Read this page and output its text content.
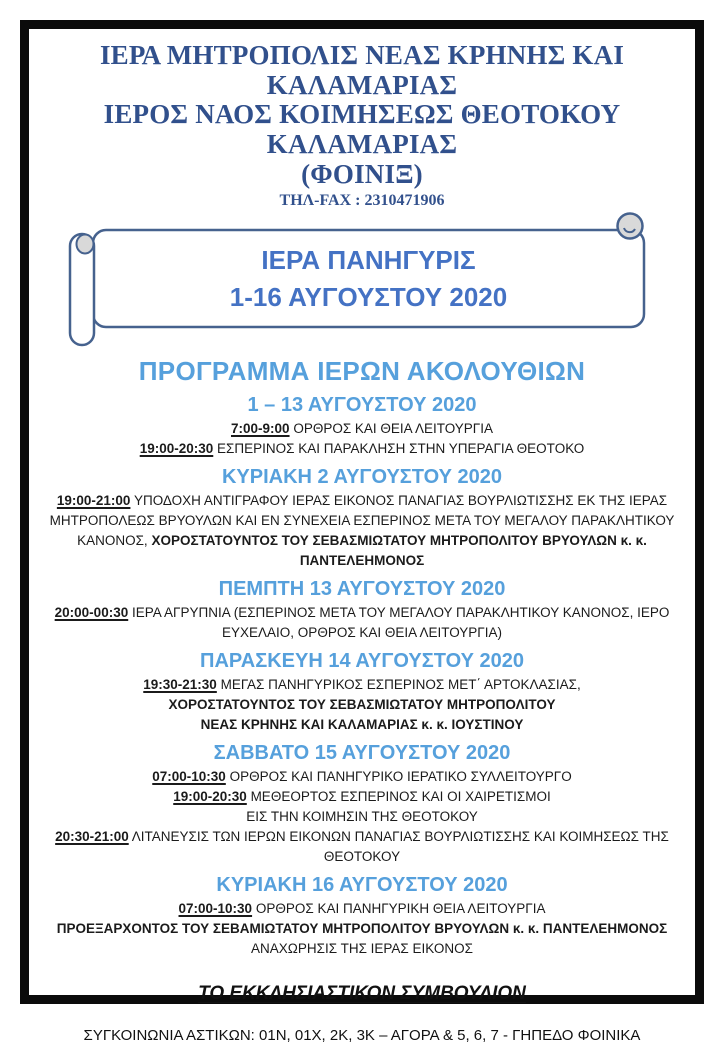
ΙΕΡΑ ΜΗΤΡΟΠΟΛΙΣ ΝΕΑΣ ΚΡΗΝΗΣ ΚΑΙ ΚΑΛΑΜΑΡΙΑΣ
ΙΕΡΟΣ ΝΑΟΣ ΚΟΙΜΗΣΕΩΣ ΘΕΟΤΟΚΟΥ ΚΑΛΑΜΑΡΙΑΣ
(ΦΟΙΝΙΞ)
ΤΗΛ-FAX : 2310471906
ΙΕΡΑ ΠΑΝΗΓΥΡΙΣ
1-16 ΑΥΓΟΥΣΤΟΥ 2020
ΠΡΟΓΡΑΜΜΑ ΙΕΡΩΝ ΑΚΟΛΟΥΘΙΩΝ
1 – 13 ΑΥΓΟΥΣΤΟΥ 2020

7:00-9:00 ΟΡΘΡΟΣ ΚΑΙ ΘΕΙΑ ΛΕΙΤΟΥΡΓΙΑ

19:00-20:30 ΕΣΠΕΡΙΝΟΣ ΚΑΙ ΠΑΡΑΚΛΗΣΗ ΣΤΗΝ ΥΠΕΡΑΓΙΑ ΘΕΟΤΟΚΟ

ΚΥΡΙΑΚΗ 2 ΑΥΓΟΥΣΤΟΥ 2020

19:00-21:00 ΥΠΟΔΟΧΗ ΑΝΤΙΓΡΑΦΟΥ ΙΕΡΑΣ ΕΙΚΟΝΟΣ ΠΑΝΑΓΙΑΣ ΒΟΥΡΛΙΩΤΙΣΣΗΣ ΕΚ ΤΗΣ ΙΕΡΑΣ ΜΗΤΡΟΠΟΛΕΩΣ ΒΡΥΟΥΛΩΝ ΚΑΙ ΕΝ ΣΥΝΕΧΕΙΑ ΕΣΠΕΡΙΝΟΣ ΜΕΤΑ ΤΟΥ ΜΕΓΑΛΟΥ ΠΑΡΑΚΛΗΤΙΚΟΥ ΚΑΝΟΝΟΣ, ΧΟΡΟΣΤΑΤΟΥΝΤΟΣ ΤΟΥ ΣΕΒΑΣΜΙΩΤΑΤΟΥ ΜΗΤΡΟΠΟΛΙΤΟΥ ΒΡΥΟΥΛΩΝ κ. κ. ΠΑΝΤΕΛΕΗΜΟΝΟΣ

ΠΕΜΠΤΗ 13 ΑΥΓΟΥΣΤΟΥ 2020

20:00-00:30 ΙΕΡΑ ΑΓΡΥΠΝΙΑ (ΕΣΠΕΡΙΝΟΣ ΜΕΤΑ ΤΟΥ ΜΕΓΑΛΟΥ ΠΑΡΑΚΛΗΤΙΚΟΥ ΚΑΝΟΝΟΣ, ΙΕΡΟ ΕΥΧΕΛΑΙΟ, ΟΡΘΡΟΣ ΚΑΙ ΘΕΙΑ ΛΕΙΤΟΥΡΓΙΑ)

ΠΑΡΑΣΚΕΥΗ 14 ΑΥΓΟΥΣΤΟΥ 2020

19:30-21:30 ΜΕΓΑΣ ΠΑΝΗΓΥΡΙΚΟΣ ΕΣΠΕΡΙΝΟΣ ΜΕΤ΄ ΑΡΤΟΚΛΑΣΙΑΣ,

ΧΟΡΟΣΤΑΤΟΥΝΤΟΣ ΤΟΥ ΣΕΒΑΣΜΙΩΤΑΤΟΥ ΜΗΤΡΟΠΟΛΙΤΟΥ

ΝΕΑΣ ΚΡΗΝΗΣ ΚΑΙ ΚΑΛΑΜΑΡΙΑΣ κ. κ. ΙΟΥΣΤΙΝΟΥ

ΣΑΒΒΑΤΟ 15 ΑΥΓΟΥΣΤΟΥ 2020

07:00-10:30 ΟΡΘΡΟΣ ΚΑΙ ΠΑΝΗΓΥΡΙΚΟ ΙΕΡΑΤΙΚΟ ΣΥΛΛΕΙΤΟΥΡΓΟ

19:00-20:30 ΜΕΘΕΟΡΤΟΣ ΕΣΠΕΡΙΝΟΣ ΚΑΙ ΟΙ ΧΑΙΡΕΤΙΣΜΟΙ

ΕΙΣ ΤΗΝ ΚΟΙΜΗΣΙΝ ΤΗΣ ΘΕΟΤΟΚΟΥ

20:30-21:00 ΛΙΤΑΝΕΥΣΙΣ ΤΩΝ ΙΕΡΩΝ ΕΙΚΟΝΩΝ ΠΑΝΑΓΙΑΣ ΒΟΥΡΛΙΩΤΙΣΣΗΣ ΚΑΙ ΚΟΙΜΗΣΕΩΣ ΤΗΣ ΘΕΟΤΟΚΟΥ

ΚΥΡΙΑΚΗ 16 ΑΥΓΟΥΣΤΟΥ 2020

07:00-10:30 ΟΡΘΡΟΣ ΚΑΙ ΠΑΝΗΓΥΡΙΚΗ ΘΕΙΑ ΛΕΙΤΟΥΡΓΙΑ

ΠΡΟΕΞΑΡΧΟΝΤΟΣ ΤΟΥ ΣΕΒΑΜΙΩΤΑΤΟΥ ΜΗΤΡΟΠΟΛΙΤΟΥ ΒΡΥΟΥΛΩΝ κ. κ. ΠΑΝΤΕΛΕΗΜΟΝΟΣ

ΑΝΑΧΩΡΗΣΙΣ ΤΗΣ ΙΕΡΑΣ ΕΙΚΟΝΟΣ

ΤΟ ΕΚΚΛΗΣΙΑΣΤΙΚΟΝ ΣΥΜΒΟΥΛΙΟΝ
ΣΥΓΚΟΙΝΩΝΙΑ ΑΣΤΙΚΩΝ: 01Ν, 01Χ, 2Κ, 3Κ – ΑΓΟΡΑ & 5, 6, 7 - ΓΗΠΕΔΟ ΦΟΙΝΙΚΑ
